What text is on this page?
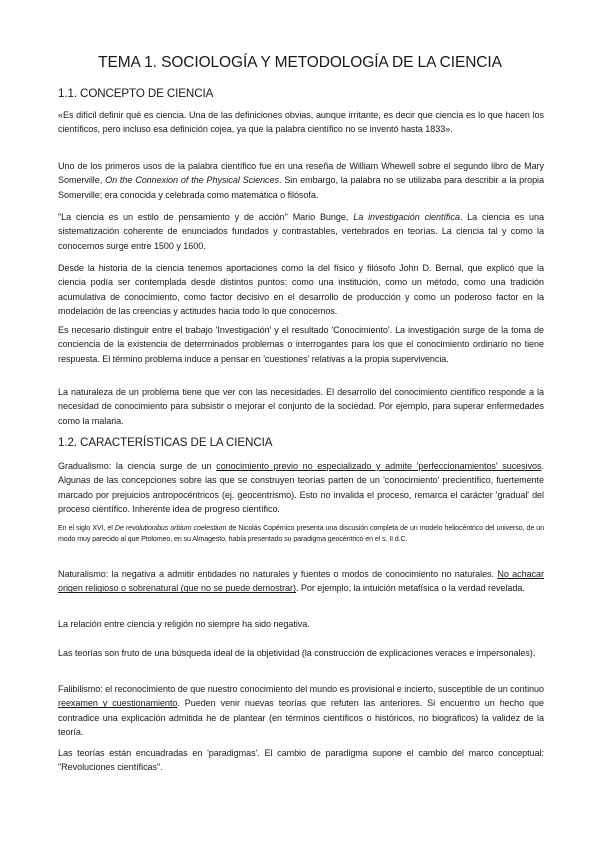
TEMA 1. SOCIOLOGÍA Y METODOLOGÍA DE LA CIENCIA
1.1. CONCEPTO DE CIENCIA

«Es difícil definir qué es ciencia. Una de las definiciones obvias, aunque irritante, es decir que ciencia es lo que hacen los científicos, pero incluso esa definición cojea, ya que la palabra científico no se inventó hasta 1833».

Uno de los primeros usos de la palabra científico fue en una reseña de William Whewell sobre el segundo libro de Mary Somerville, On the Connexion of the Physical Sciences. Sin embargo, la palabra no se utilizaba para describir a la propia Somerville; era conocida y celebrada como matemática o filósofa.

"La ciencia es un estilo de pensamiento y de acción" Mario Bunge, La investigación científica. La ciencia es una sistematización coherente de enunciados fundados y contrastables, vertebrados en teorías. La ciencia tal y como la conocemos surge entre 1500 y 1600.

Desde la historia de la ciencia tenemos aportaciones como la del físico y filósofo John D. Bernal, que explicó que la ciencia podía ser contemplada desde distintos puntos: como una institución, como un método, como una tradición acumulativa de conocimiento, como factor decisivo en el desarrollo de producción y como un poderoso factor en la modelación de las creencias y actitudes hacia todo lo que conocemos.

Es necesario distinguir entre el trabajo 'Investigación' y el resultado 'Conocimiento'. La investigación surge de la toma de conciencia de la existencia de determinados problemas o interrogantes para los que el conocimiento ordinario no tiene respuesta. El término problema induce a pensar en 'cuestiones' relativas a la propia supervivencia.

La naturaleza de un problema tiene que ver con las necesidades. El desarrollo del conocimiento científico responde a la necesidad de conocimiento para subsistir o mejorar el conjunto de la sociedad. Por ejemplo, para superar enfermedades como la malaria.

1.2. CARACTERÍSTICAS DE LA CIENCIA

Gradualismo: la ciencia surge de un conocimiento previo no especializado y admite 'perfeccionamientos' sucesivos. Algunas de las concepciones sobre las que se construyen teorías parten de un 'conocimiento' precientífico, fuertemente marcado por prejuicios antropocéntricos (ej. geocentrismo). Esto no invalida el proceso, remarca el carácter 'gradual' del proceso científico. Inherente idea de progreso científico.

En el siglo XVI, el De revolutionibus orbium coelestium de Nicolás Copérnico presenta una discusión completa de un modelo heliocéntrico del universo, de un modo muy parecido al que Ptolomeo, en su Almagesto, había presentado su paradigma geocéntrico en el s. II d.C.

Naturalismo: la negativa a admitir entidades no naturales y fuentes o modos de conocimiento no naturales. No achacar origen religioso o sobrenatural (que no se puede demostrar). Por ejemplo, la intuición metafísica o la verdad revelada.

La relación entre ciencia y religión no siempre ha sido negativa.

Las teorías son fruto de una búsqueda ideal de la objetividad (la construcción de explicaciones veraces e impersonales).

Falibilismo: el reconocimiento de que nuestro conocimiento del mundo es provisional e incierto, susceptible de un continuo reexamen y cuestionamiento. Pueden venir nuevas teorías que refuten las anteriores. Si encuentro un hecho que contradice una explicación admitida he de plantear (en términos científicos o históricos, no biográficos) la validez de la teoría.

Las teorías están encuadradas en 'paradigmas'. El cambio de paradigma supone el cambio del marco conceptual: "Revoluciones científicas".
